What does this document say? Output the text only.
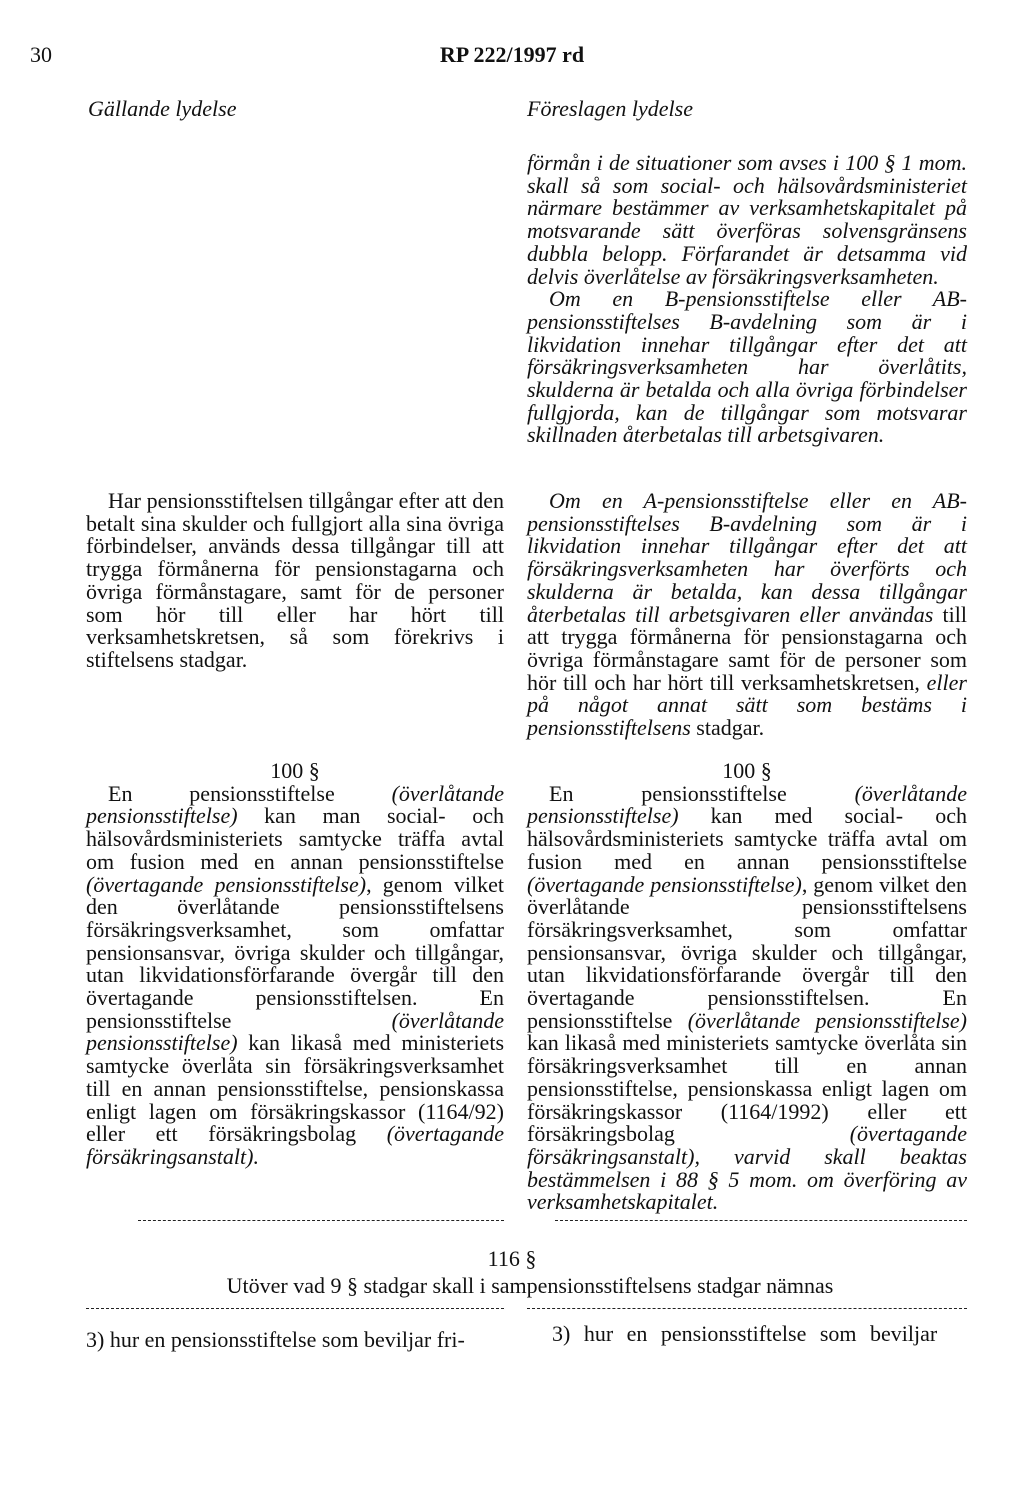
30	RP 222/1997 rd
Gällande lydelse	Föreslagen lydelse

förmån i de situationer som avses i 100 § 1 mom. skall så som social- och hälsovårdsministeriet närmare bestämmer av verksamhetskapitalet på motsvarande sätt överföras solvensgränsens dubbla belopp. Förfarandet är detsamma vid delvis överlåtelse av försäkringsverksamheten.

Om en B-pensionsstiftelse eller AB-pensionsstiftelses B-avdelning som är i likvidation innehar tillgångar efter det att försäkringsverksamheten har överlåtits, skulderna är betalda och alla övriga förbindelser fullgjorda, kan de tillgångar som motsvarar skillnaden återbetalas till arbetsgivaren.

Har pensionsstiftelsen tillgångar efter att den betalt sina skulder och fullgjort alla sina övriga förbindelser, används dessa tillgångar till att trygga förmånerna för pensionstagarna och övriga förmånstagare, samt för de personer som hör till eller har hört till verksamhetskretsen, så som förekrivs i stiftelsens stadgar.

Om en A-pensionsstiftelse eller en AB-pensionsstiftelses B-avdelning som är i likvidation innehar tillgångar efter det att försäkringsverksamheten har överförts och skulderna är betalda, kan dessa tillgångar återbetalas till arbetsgivaren eller användas till att trygga förmånerna för pensionstagarna och övriga förmånstagare samt för de personer som hör till och har hört till verksamhetskretsen, eller på något annat sätt som bestäms i pensionsstiftelsens stadgar.

100 §

En pensionsstiftelse (överlåtande pensionsstiftelse) kan man social- och hälsovårdsministeriets samtycke träffa avtal om fusion med en annan pensionsstiftelse (övertagande pensionsstiftelse), genom vilket den överlåtande pensionsstiftelsens försäkringsverksamhet, som omfattar pensionsansvar, övriga skulder och tillgångar, utan likvidationsförfarande övergår till den övertagande pensionsstiftelsen. En pensionsstiftelse (överlåtande pensionsstiftelse) kan likaså med ministeriets samtycke överlåta sin försäkringsverksamhet till en annan pensionsstiftelse, pensionskassa enligt lagen om försäkringskassor (1164/92) eller ett försäkringsbolag (övertagande försäkringsanstalt).

100 §

En pensionsstiftelse (överlåtande pensionsstiftelse) kan med social- och hälsovårdsministeriets samtycke träffa avtal om fusion med en annan pensionsstiftelse (övertagande pensionsstiftelse), genom vilket den överlåtande pensionsstiftelsens försäkringsverksamhet, som omfattar pensionsansvar, övriga skulder och tillgångar, utan likvidationsförfarande övergår till den övertagande pensionsstiftelsen. En pensionsstiftelse (överlåtande pensionsstiftelse) kan likaså med ministeriets samtycke överlåta sin försäkringsverksamhet till en annan pensionsstiftelse, pensionskassa enligt lagen om försäkringskassor (1164/1992) eller ett försäkringsbolag (övertagande försäkringsanstalt), varvid skall beaktas bestämmelsen i 88 § 5 mom. om överföring av verksamhetskapitalet.

116 §
Utöver vad 9 § stadgar skall i sampensionsstiftelsens stadgar nämnas
3) hur en pensionsstiftelse som beviljar fri-	3) hur en pensionsstiftelse som beviljar
